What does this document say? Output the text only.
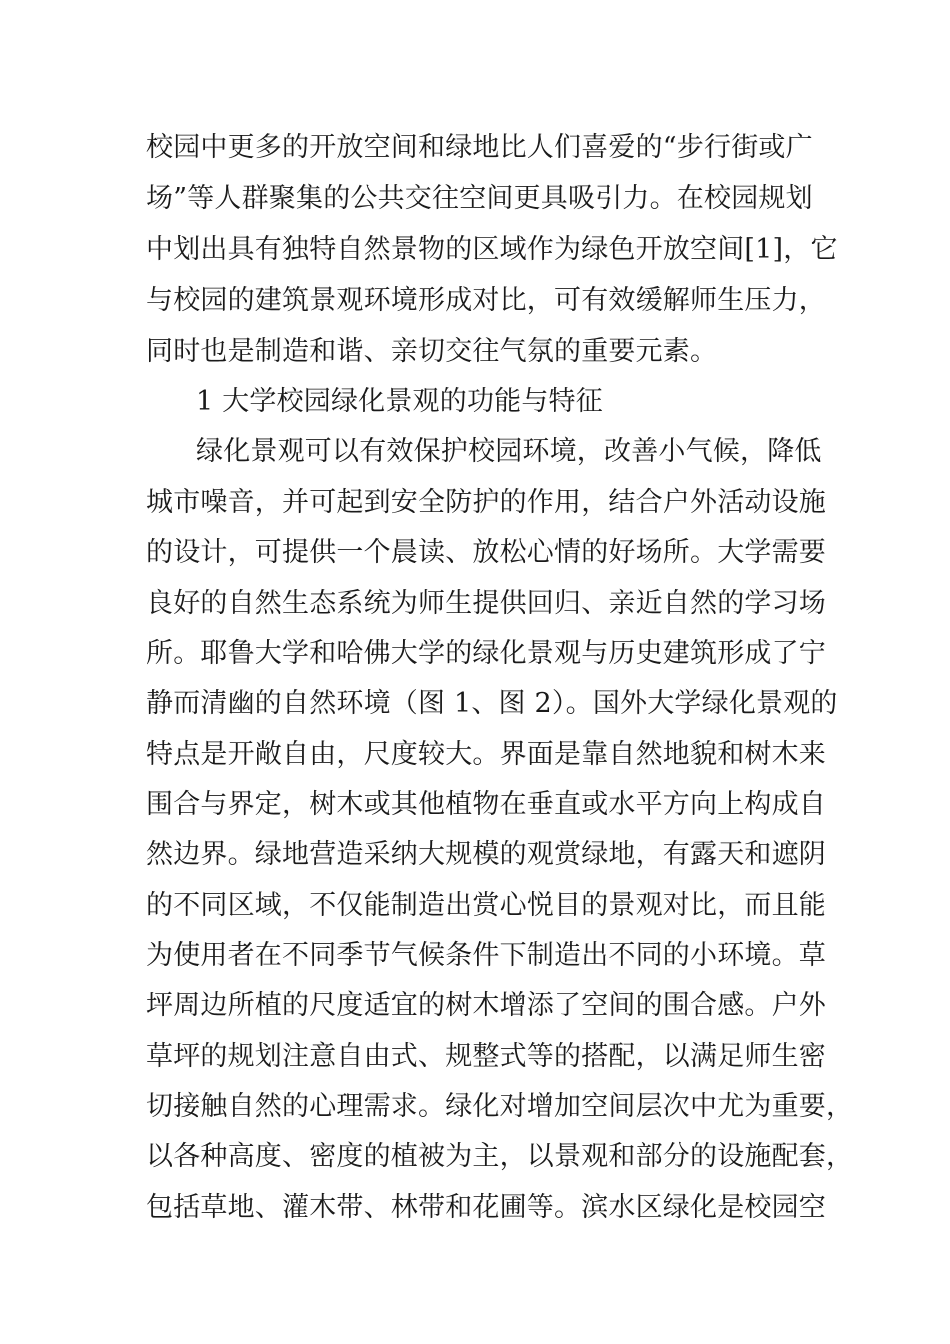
校园中更多的开放空间和绿地比人们喜爱的“步行街或广

场”等人群聚集的公共交往空间更具吸引力。在校园规划

中划出具有独特自然景物的区域作为绿色开放空间[1]，它

与校园的建筑景观环境形成对比，可有效缓解师生压力，

同时也是制造和谐、亲切交往气氛的重要元素。

1 大学校园绿化景观的功能与特征

绿化景观可以有效保护校园环境，改善小气候，降低

城市噪音，并可起到安全防护的作用，结合户外活动设施

的设计，可提供一个晨读、放松心情的好场所。大学需要

良好的自然生态系统为师生提供回归、亲近自然的学习场

所。耶鲁大学和哈佛大学的绿化景观与历史建筑形成了宁

静而清幽的自然环境（图 1、图 2）。国外大学绿化景观的

特点是开敞自由，尺度较大。界面是靠自然地貌和树木来

围合与界定，树木或其他植物在垂直或水平方向上构成自

然边界。绿地营造采纳大规模的观赏绿地，有露天和遮阴

的不同区域，不仅能制造出赏心悦目的景观对比，而且能

为使用者在不同季节气候条件下制造出不同的小环境。草

坪周边所植的尺度适宜的树木增添了空间的围合感。户外

草坪的规划注意自由式、规整式等的搭配，以满足师生密

切接触自然的心理需求。绿化对增加空间层次中尤为重要，

以各种高度、密度的植被为主，以景观和部分的设施配套，

包括草地、灌木带、林带和花圃等。滨水区绿化是校园空
